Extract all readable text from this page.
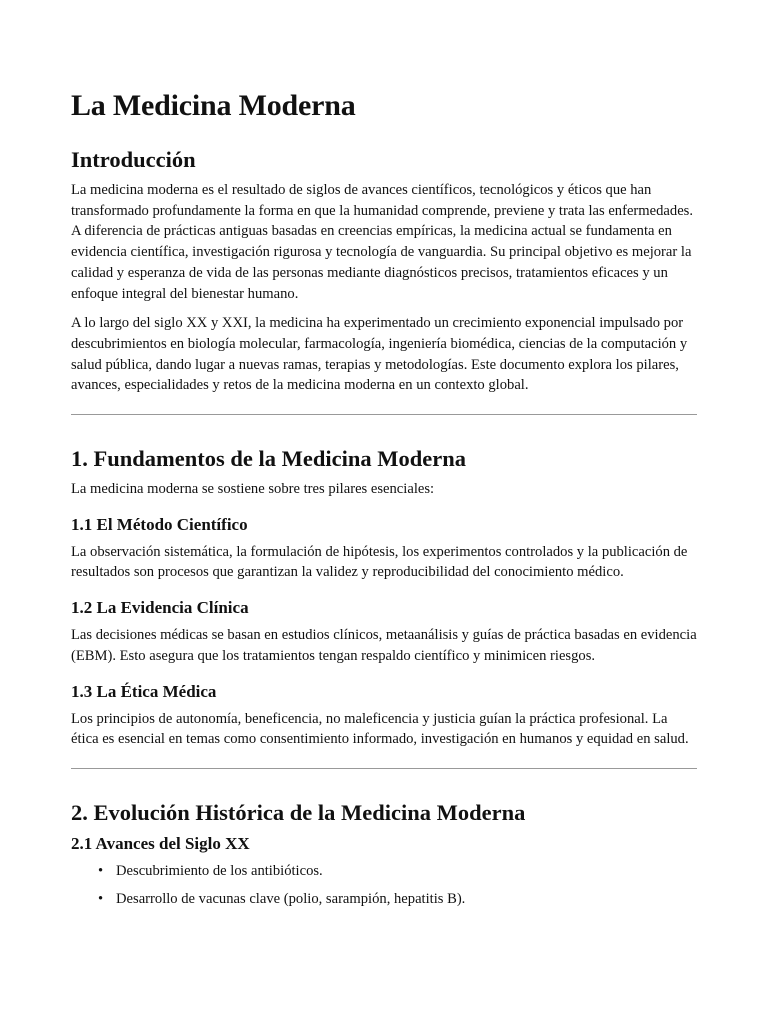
La Medicina Moderna
Introducción

La medicina moderna es el resultado de siglos de avances científicos, tecnológicos y éticos que han transformado profundamente la forma en que la humanidad comprende, previene y trata las enfermedades. A diferencia de prácticas antiguas basadas en creencias empíricas, la medicina actual se fundamenta en evidencia científica, investigación rigurosa y tecnología de vanguardia. Su principal objetivo es mejorar la calidad y esperanza de vida de las personas mediante diagnósticos precisos, tratamientos eficaces y un enfoque integral del bienestar humano.

A lo largo del siglo XX y XXI, la medicina ha experimentado un crecimiento exponencial impulsado por descubrimientos en biología molecular, farmacología, ingeniería biomédica, ciencias de la computación y salud pública, dando lugar a nuevas ramas, terapias y metodologías. Este documento explora los pilares, avances, especialidades y retos de la medicina moderna en un contexto global.

1. Fundamentos de la Medicina Moderna

La medicina moderna se sostiene sobre tres pilares esenciales:

1.1 El Método Científico

La observación sistemática, la formulación de hipótesis, los experimentos controlados y la publicación de resultados son procesos que garantizan la validez y reproducibilidad del conocimiento médico.

1.2 La Evidencia Clínica

Las decisiones médicas se basan en estudios clínicos, metaanálisis y guías de práctica basadas en evidencia (EBM). Esto asegura que los tratamientos tengan respaldo científico y minimicen riesgos.

1.3 La Ética Médica

Los principios de autonomía, beneficencia, no maleficencia y justicia guían la práctica profesional. La ética es esencial en temas como consentimiento informado, investigación en humanos y equidad en salud.

2. Evolución Histórica de la Medicina Moderna
2.1 Avances del Siglo XX
• Descubrimiento de los antibióticos.
• Desarrollo de vacunas clave (polio, sarampión, hepatitis B).
